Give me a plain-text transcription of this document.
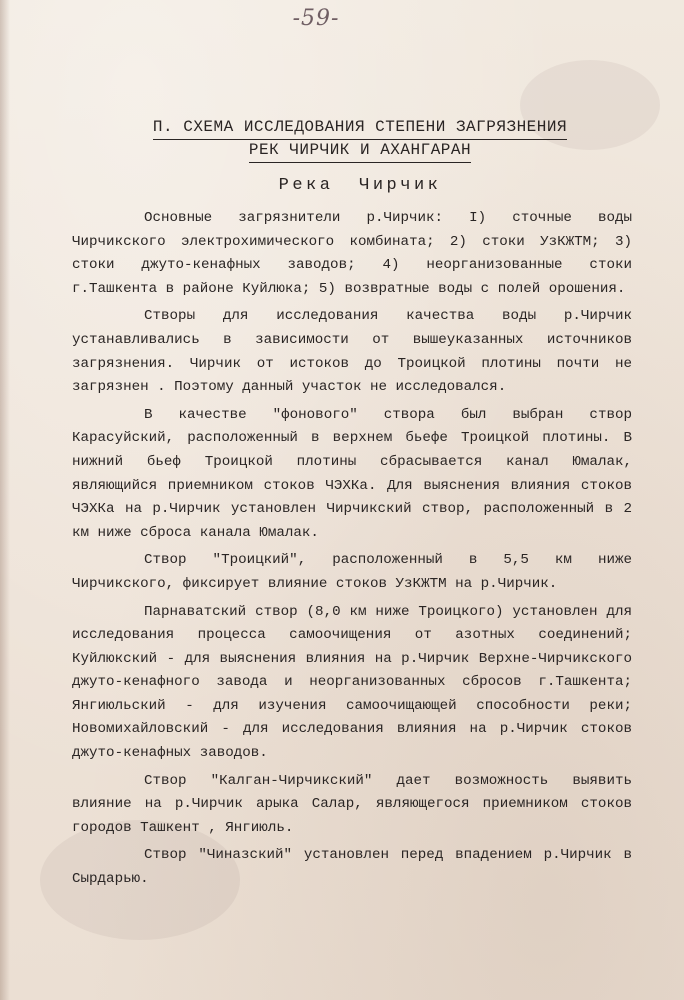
-59-
П. СХЕМА ИССЛЕДОВАНИЯ СТЕПЕНИ ЗАГРЯЗНЕНИЯ
РЕК ЧИРЧИК И АХАНГАРАН
Река Чирчик

Основные загрязнители р.Чирчик: I) сточные воды Чирчикского электрохимического комбината; 2) стоки УзКЖТМ; 3) стоки джуто-кенафных заводов; 4) неорганизованные стоки г.Ташкента в районе Куйлюка; 5) возвратные воды с полей орошения.

Створы для исследования качества воды р.Чирчик устанавливались в зависимости от вышеуказанных источников загрязнения. Чирчик от истоков до Троицкой плотины почти не загрязнен . Поэтому данный участок не исследовался.

В качестве "фонового" створа был выбран створ Карасуйский, расположенный в верхнем бьефе Троицкой плотины. В нижний бьеф Троицкой плотины сбрасывается канал Юмалак, являющийся приемником стоков ЧЭХКа. Для выяснения влияния стоков ЧЭХКа на р.Чирчик установлен Чирчикский створ, расположенный в 2 км ниже сброса канала Юмалак.

Створ "Троицкий", расположенный в 5,5 км ниже Чирчикского, фиксирует влияние стоков УзКЖТМ на р.Чирчик.

Парнаватский створ (8,0 км ниже Троицкого) установлен для исследования процесса самоочищения от азотных соединений; Куйлюкский - для выяснения влияния на р.Чирчик Верхне-Чирчикского джуто-кенафного завода и неорганизованных сбросов г.Ташкента; Янгиюльский - для изучения самоочищающей способности реки; Новомихайловский - для исследования влияния на р.Чирчик стоков джуто-кенафных заводов.

Створ "Калган-Чирчикский" дает возможность выявить влияние на р.Чирчик арыка Салар, являющегося приемником стоков городов Ташкент , Янгиюль.

Створ "Чиназский" установлен перед впадением р.Чирчик в Сырдарью.
